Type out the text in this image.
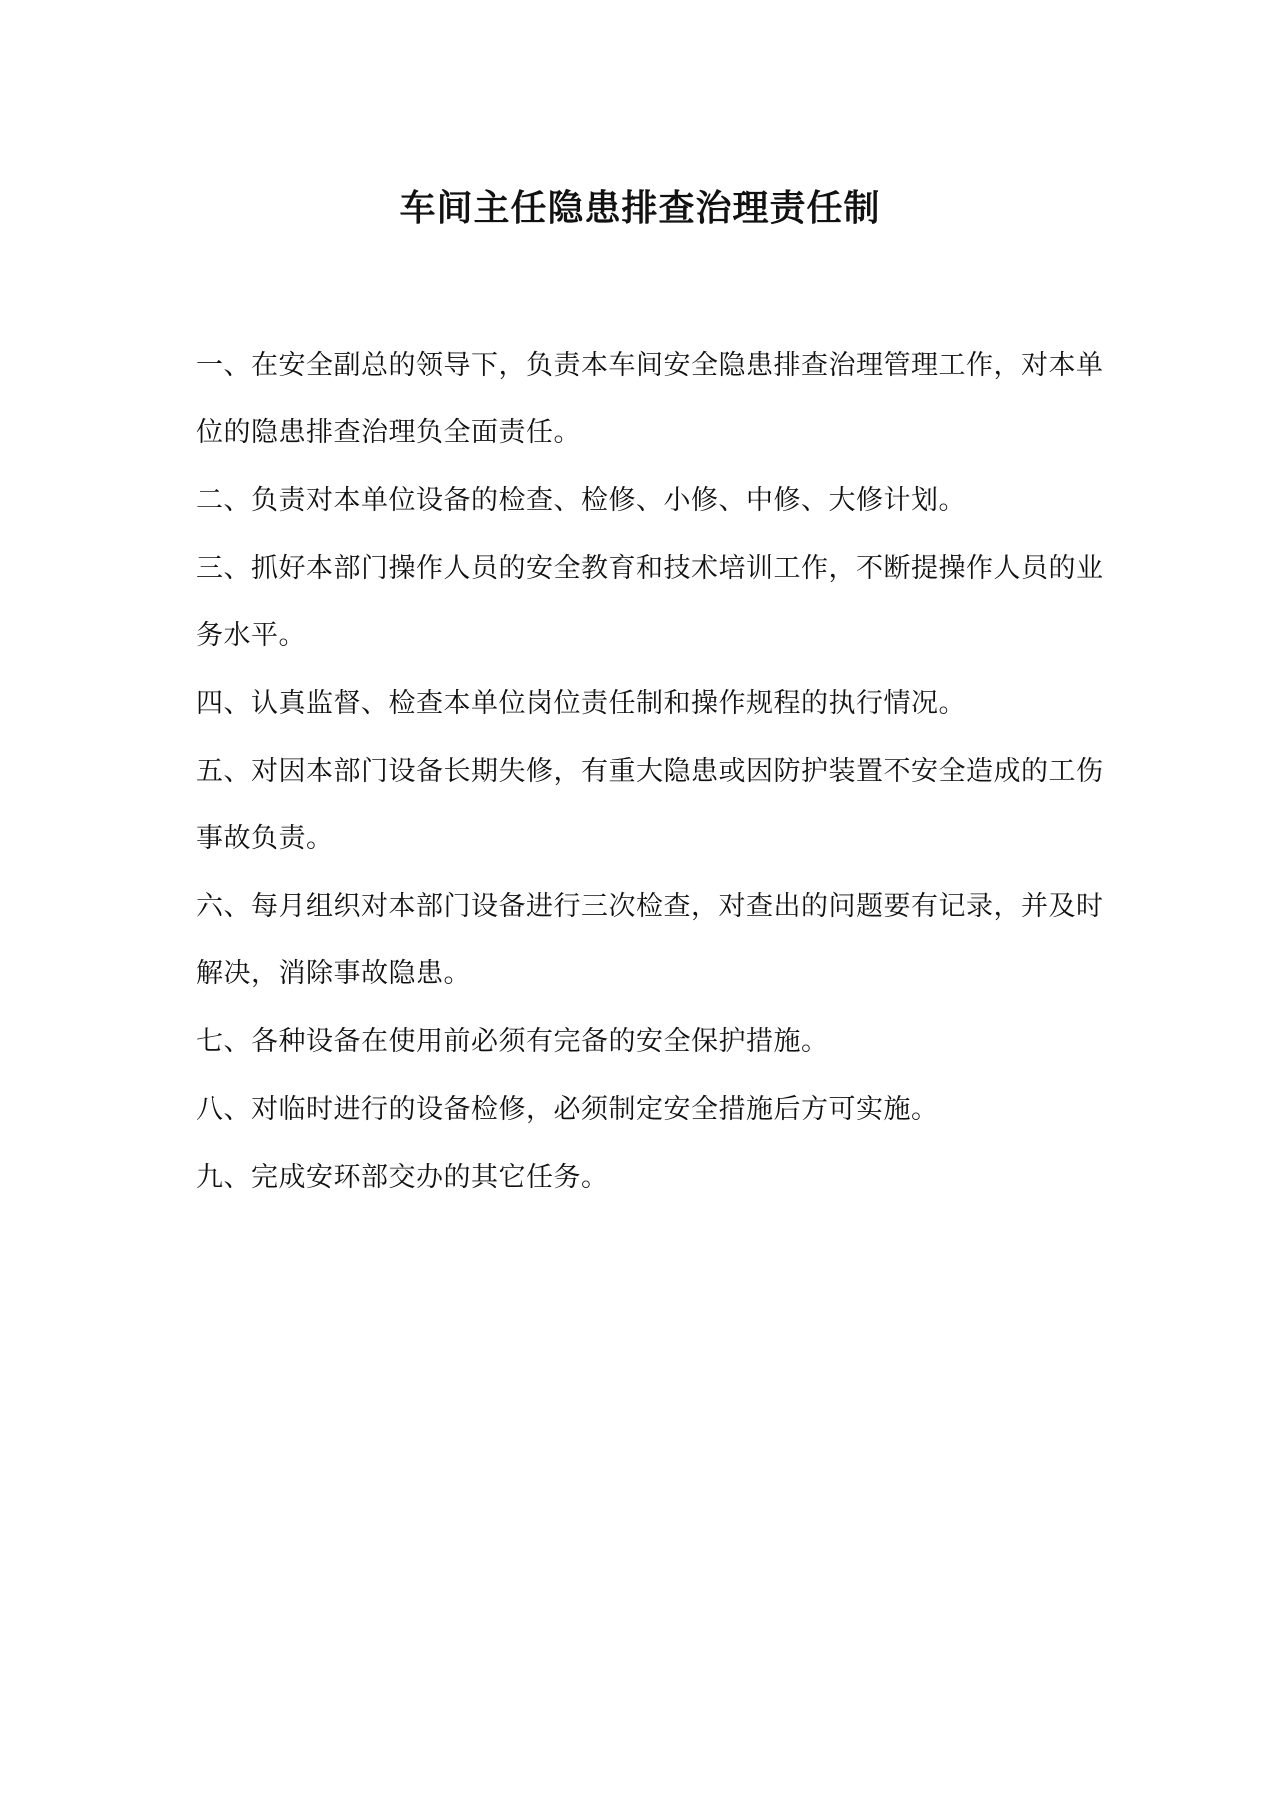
车间主任隐患排查治理责任制
一、在安全副总的领导下，负责本车间安全隐患排查治理管理工作，对本单位的隐患排查治理负全面责任。
二、负责对本单位设备的检查、检修、小修、中修、大修计划。
三、抓好本部门操作人员的安全教育和技术培训工作，不断提操作人员的业务水平。
四、认真监督、检查本单位岗位责任制和操作规程的执行情况。
五、对因本部门设备长期失修，有重大隐患或因防护装置不安全造成的工伤事故负责。
六、每月组织对本部门设备进行三次检查，对查出的问题要有记录，并及时解决，消除事故隐患。
七、各种设备在使用前必须有完备的安全保护措施。
八、对临时进行的设备检修，必须制定安全措施后方可实施。
九、完成安环部交办的其它任务。
